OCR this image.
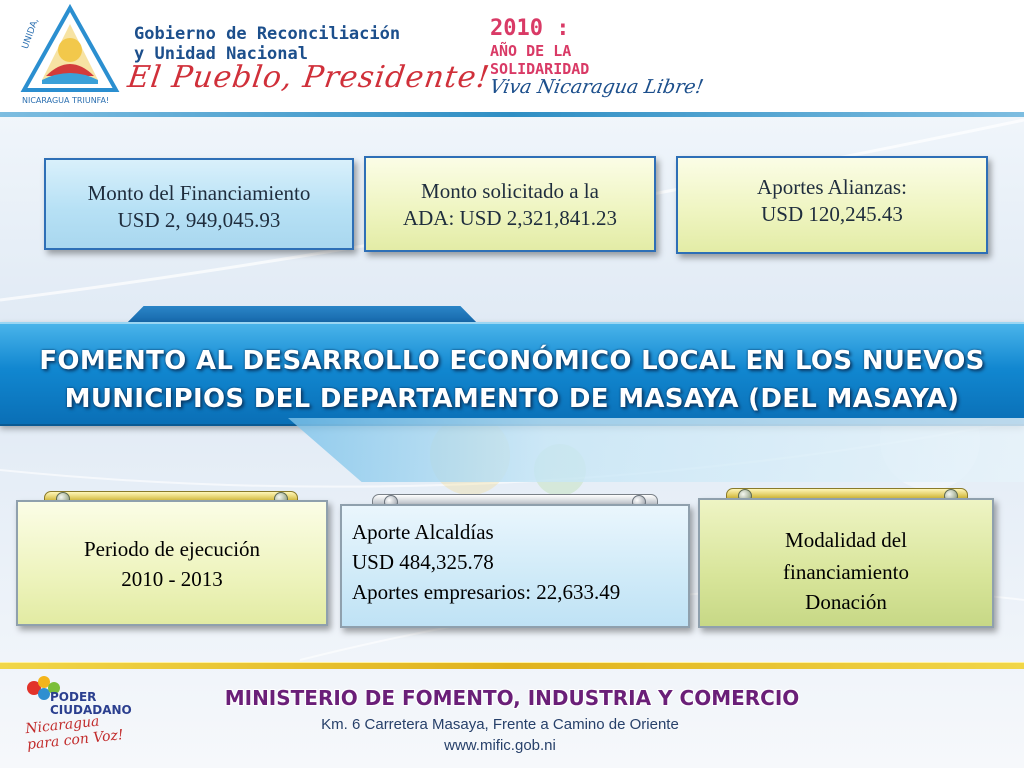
UNIDA,
NICARAGUA TRIUNFA!
Gobierno de Reconciliación
y Unidad Nacional
El Pueblo, Presidente!
2010 :
AÑO DE LA
SOLIDARIDAD
Viva Nicaragua Libre!
Monto del Financiamiento
USD 2, 949,045.93
Monto solicitado a la
ADA: USD 2,321,841.23
Aportes Alianzas:
USD 120,245.43
FOMENTO AL DESARROLLO ECONÓMICO LOCAL EN LOS NUEVOS
MUNICIPIOS DEL DEPARTAMENTO DE MASAYA (DEL MASAYA)
Periodo de ejecución
2010 - 2013
Aporte Alcaldías
USD 484,325.78
Aportes empresarios: 22,633.49
Modalidad del
financiamiento
Donación
PODER
CIUDADANO
Nicaragua para con Voz!
MINISTERIO DE FOMENTO, INDUSTRIA Y COMERCIO
Km. 6 Carretera Masaya, Frente a Camino de Oriente
www.mific.gob.ni
